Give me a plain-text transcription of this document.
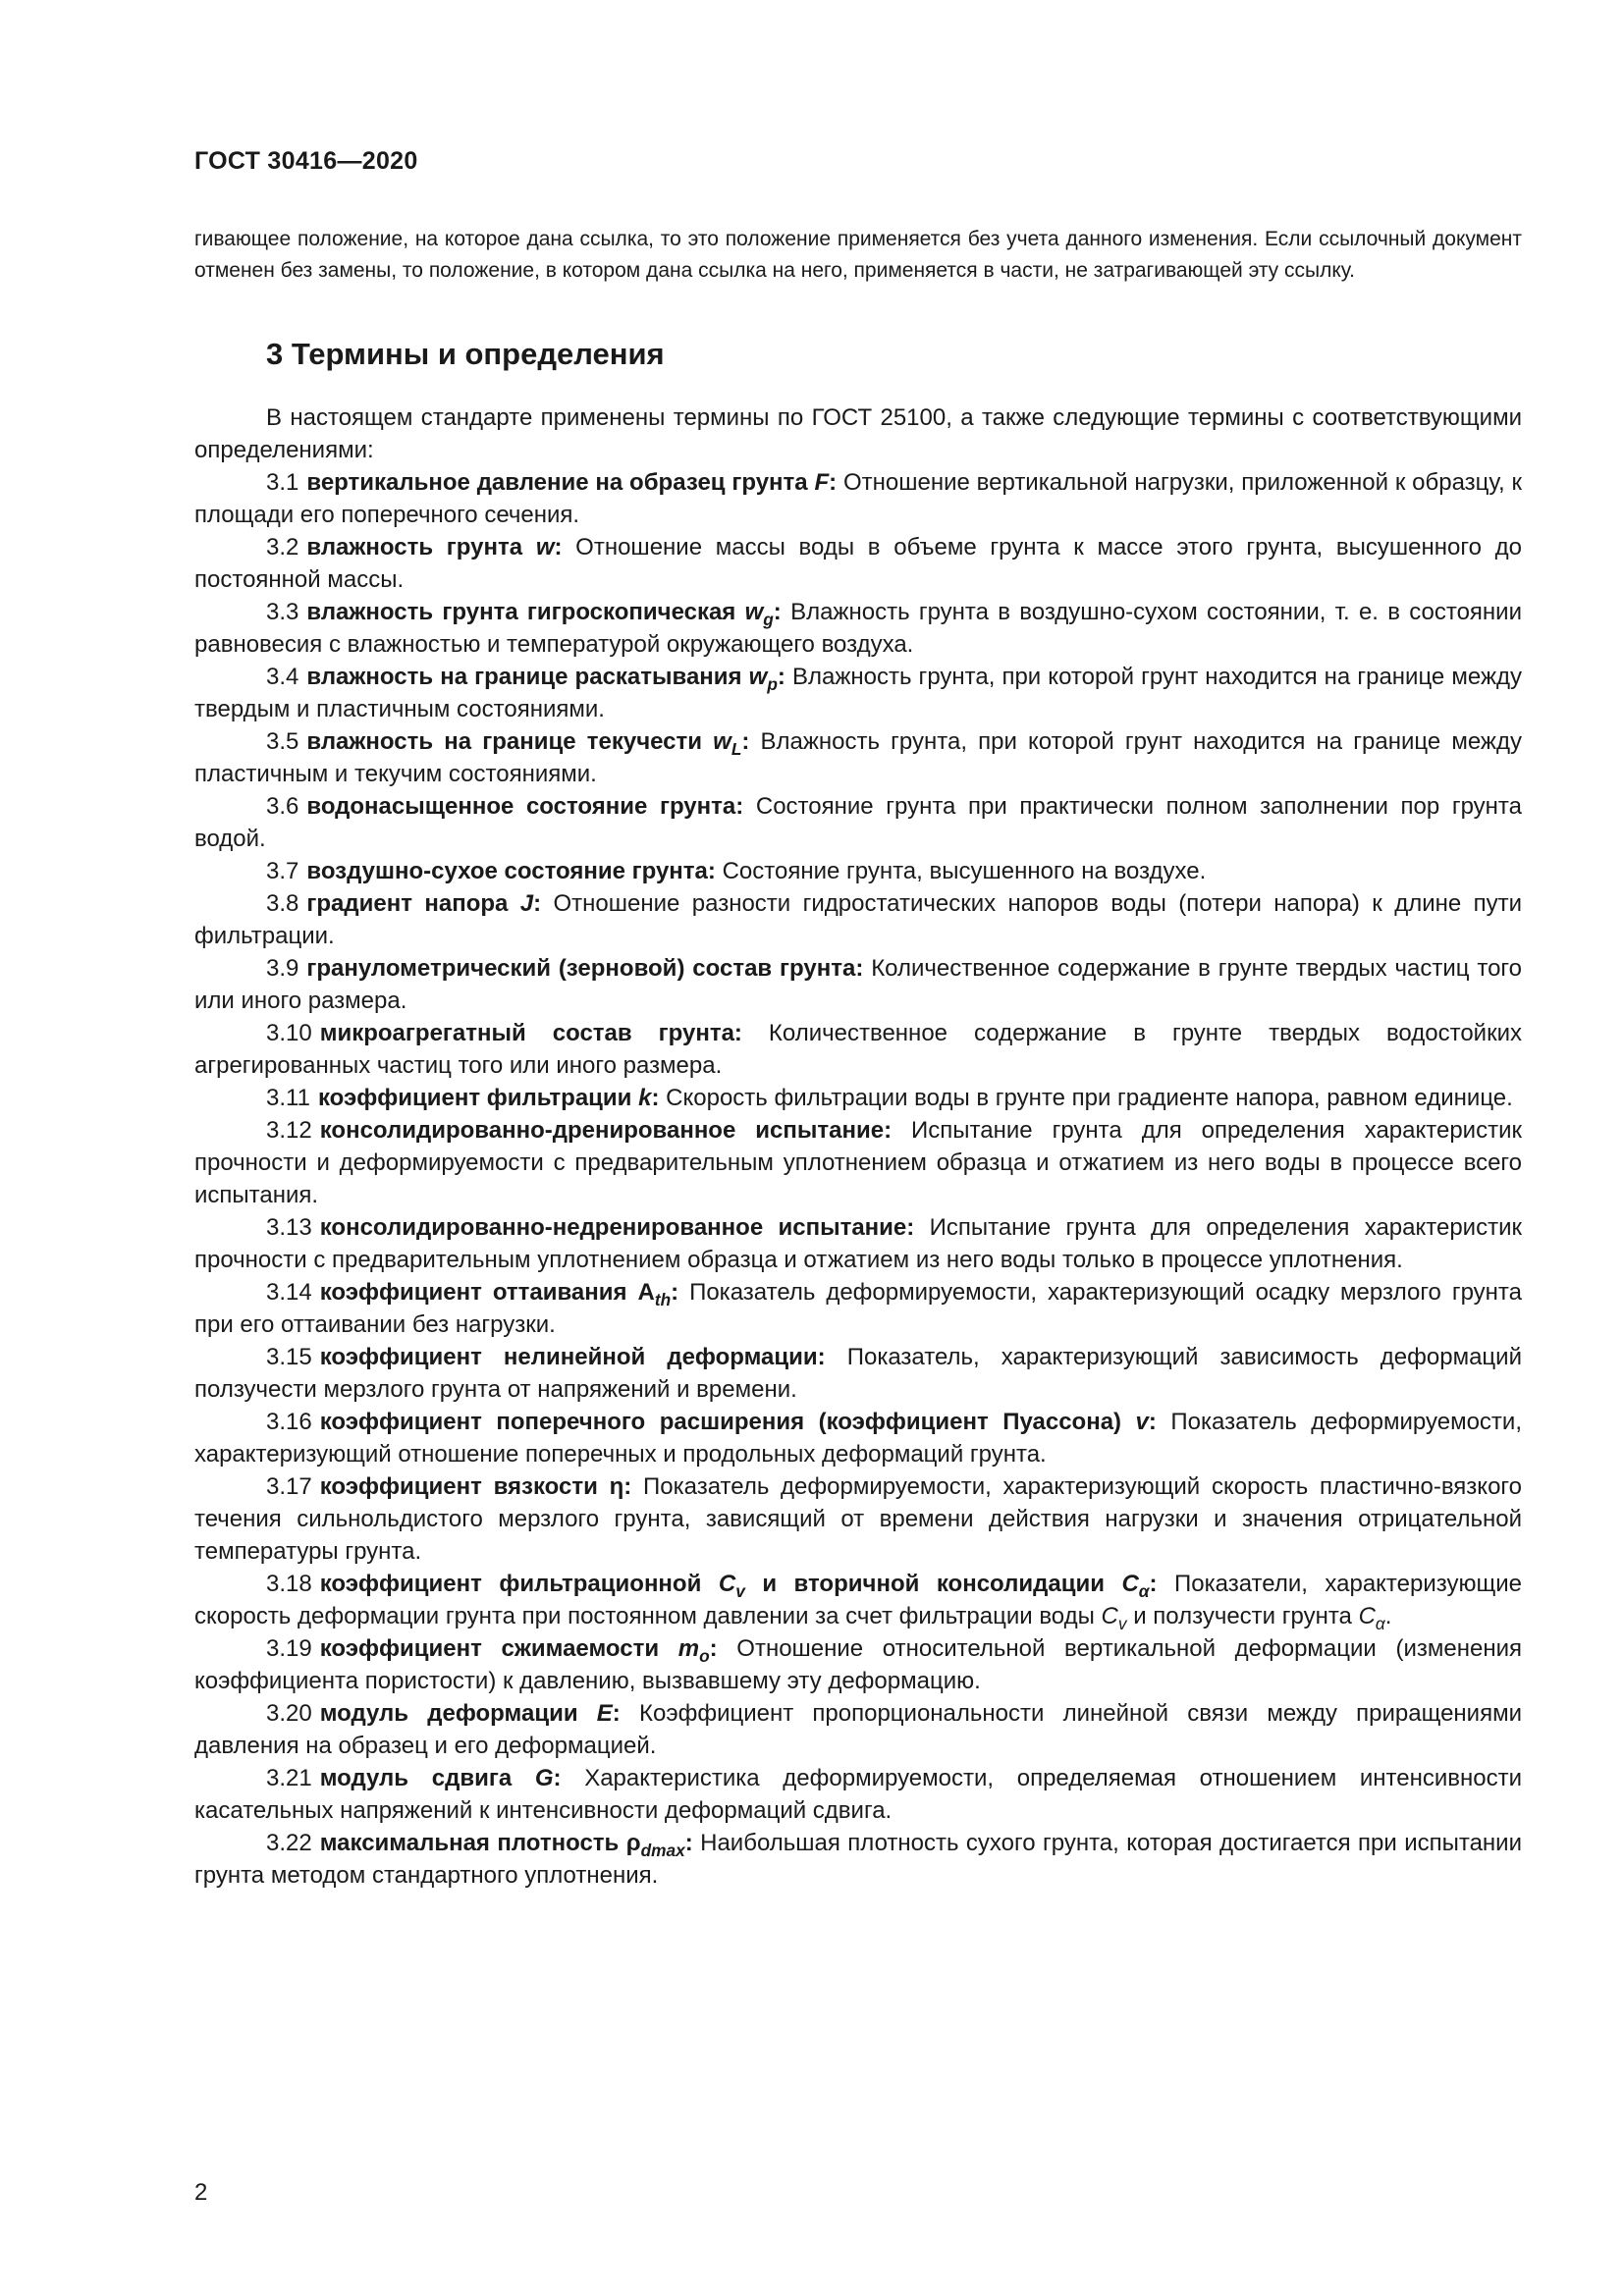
ГОСТ 30416—2020

гивающее положение, на которое дана ссылка, то это положение применяется без учета данного изменения. Если ссылочный документ отменен без замены, то положение, в котором дана ссылка на него, применяется в части, не затрагивающей эту ссылку.

3 Термины и определения

В настоящем стандарте применены термины по ГОСТ 25100, а также следующие термины с соответствующими определениями:

3.1 вертикальное давление на образец грунта F: Отношение вертикальной нагрузки, приложенной к образцу, к площади его поперечного сечения.

3.2 влажность грунта w: Отношение массы воды в объеме грунта к массе этого грунта, высушенного до постоянной массы.

3.3 влажность грунта гигроскопическая $w_g$: Влажность грунта в воздушно-сухом состоянии, т. е. в состоянии равновесия с влажностью и температурой окружающего воздуха.

3.4 влажность на границе раскатывания $w_p$: Влажность грунта, при которой грунт находится на границе между твердым и пластичным состояниями.

3.5 влажность на границе текучести $w_L$: Влажность грунта, при которой грунт находится на границе между пластичным и текучим состояниями.

3.6 водонасыщенное состояние грунта: Состояние грунта при практически полном заполнении пор грунта водой.

3.7 воздушно-сухое состояние грунта: Состояние грунта, высушенного на воздухе.

3.8 градиент напора J: Отношение разности гидростатических напоров воды (потери напора) к длине пути фильтрации.

3.9 гранулометрический (зерновой) состав грунта: Количественное содержание в грунте твердых частиц того или иного размера.

3.10 микроагрегатный состав грунта: Количественное содержание в грунте твердых водостойких агрегированных частиц того или иного размера.

3.11 коэффициент фильтрации k: Скорость фильтрации воды в грунте при градиенте напора, равном единице.

3.12 консолидированно-дренированное испытание: Испытание грунта для определения характеристик прочности и деформируемости с предварительным уплотнением образца и отжатием из него воды в процессе всего испытания.

3.13 консолидированно-недренированное испытание: Испытание грунта для определения характеристик прочности с предварительным уплотнением образца и отжатием из него воды только в процессе уплотнения.

3.14 коэффициент оттаивания $A_{th}$: Показатель деформируемости, характеризующий осадку мерзлого грунта при его оттаивании без нагрузки.

3.15 коэффициент нелинейной деформации: Показатель, характеризующий зависимость деформаций ползучести мерзлого грунта от напряжений и времени.

3.16 коэффициент поперечного расширения (коэффициент Пуассона) v: Показатель деформируемости, характеризующий отношение поперечных и продольных деформаций грунта.

3.17 коэффициент вязкости η: Показатель деформируемости, характеризующий скорость пластично-вязкого течения сильнольдистого мерзлого грунта, зависящий от времени действия нагрузки и значения отрицательной температуры грунта.

3.18 коэффициент фильтрационной $C_v$ и вторичной консолидации $C_\alpha$: Показатели, характеризующие скорость деформации грунта при постоянном давлении за счет фильтрации воды $C_v$ и ползучести грунта $C_\alpha$.

3.19 коэффициент сжимаемости $m_o$: Отношение относительной вертикальной деформации (изменения коэффициента пористости) к давлению, вызвавшему эту деформацию.

3.20 модуль деформации E: Коэффициент пропорциональности линейной связи между приращениями давления на образец и его деформацией.

3.21 модуль сдвига G: Характеристика деформируемости, определяемая отношением интенсивности касательных напряжений к интенсивности деформаций сдвига.

3.22 максимальная плотность $\rho_{dmax}$: Наибольшая плотность сухого грунта, которая достигается при испытании грунта методом стандартного уплотнения.

2
